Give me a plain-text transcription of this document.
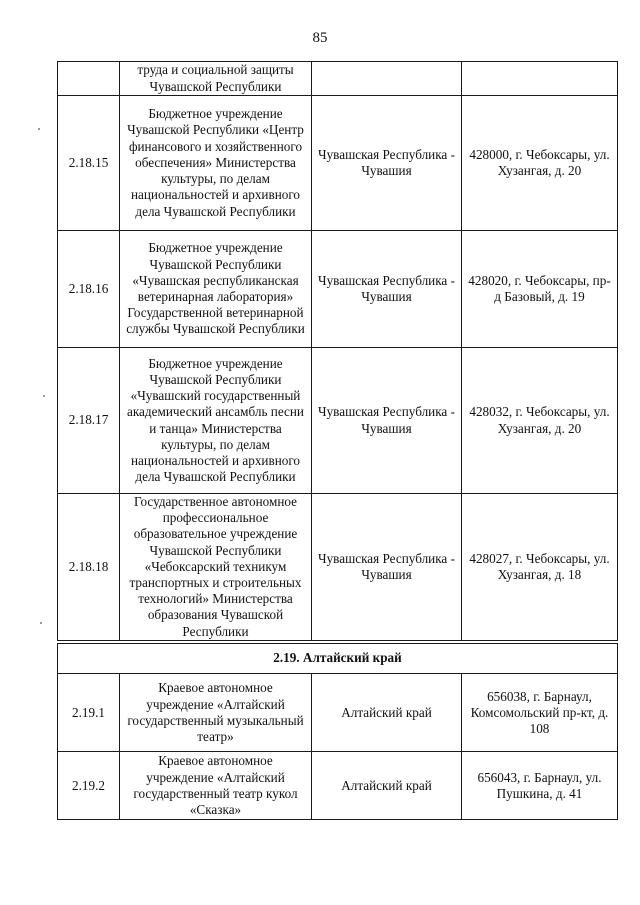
85
	труда и социальной защиты Чувашской Республики		
2.18.15	Бюджетное учреждение Чувашской Республики «Центр финансового и хозяйственного обеспечения» Министерства культуры, по делам национальностей и архивного дела Чувашской Республики	Чувашская Республика - Чувашия	428000, г. Чебоксары, ул. Хузангая, д. 20
2.18.16	Бюджетное учреждение Чувашской Республики «Чувашская республиканская ветеринарная лаборатория» Государственной ветеринарной службы Чувашской Республики	Чувашская Республика - Чувашия	428020, г. Чебоксары, пр-д Базовый, д. 19
2.18.17	Бюджетное учреждение Чувашской Республики «Чувашский государственный академический ансамбль песни и танца» Министерства культуры, по делам национальностей и архивного дела Чувашской Республики	Чувашская Республика - Чувашия	428032, г. Чебоксары, ул. Хузангая, д. 20
2.18.18	Государственное автономное профессиональное образовательное учреждение Чувашской Республики «Чебоксарский техникум транспортных и строительных технологий» Министерства образования Чувашской Республики	Чувашская Республика - Чувашия	428027, г. Чебоксары, ул. Хузангая, д. 18
2.19. Алтайский край			
2.19.1	Краевое автономное учреждение «Алтайский государственный музыкальный театр»	Алтайский край	656038, г. Барнаул, Комсомольский пр-кт, д. 108
2.19.2	Краевое автономное учреждение «Алтайский государственный театр кукол «Сказка»	Алтайский край	656043, г. Барнаул, ул. Пушкина, д. 41
